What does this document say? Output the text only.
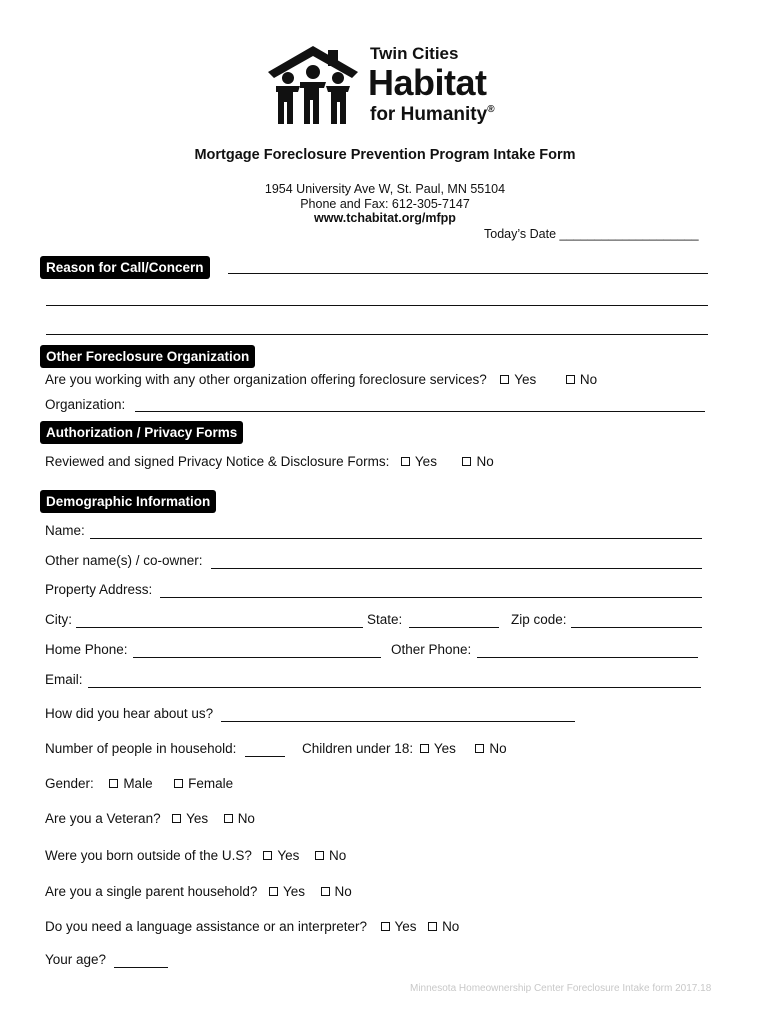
Twin Cities
Habitat
for Humanity®
Mortgage Foreclosure Prevention Program Intake Form
1954 University Ave W, St. Paul, MN 55104
Phone and Fax: 612-305-7147
www.tchabitat.org/mfpp
Today’s Date ____________________
Reason for Call/Concern
Other Foreclosure Organization
Are you working with any other organization offering foreclosure services? Yes	No
Organization:
Authorization / Privacy Forms
Reviewed and signed Privacy Notice & Disclosure Forms: Yes	No
Demographic Information
Name:
Other name(s) / co-owner:
Property Address:
City:	State:	Zip code:
Home Phone:	Other Phone:
Email:
How did you hear about us?
Number of people in household:	Children under 18: Yes No
Gender: Male	Female
Are you a Veteran? Yes No
Were you born outside of the U.S? Yes No
Are you a single parent household? Yes No
Do you need a language assistance or an interpreter? Yes No
Your age?
Minnesota Homeownership Center Foreclosure Intake form 2017.18
